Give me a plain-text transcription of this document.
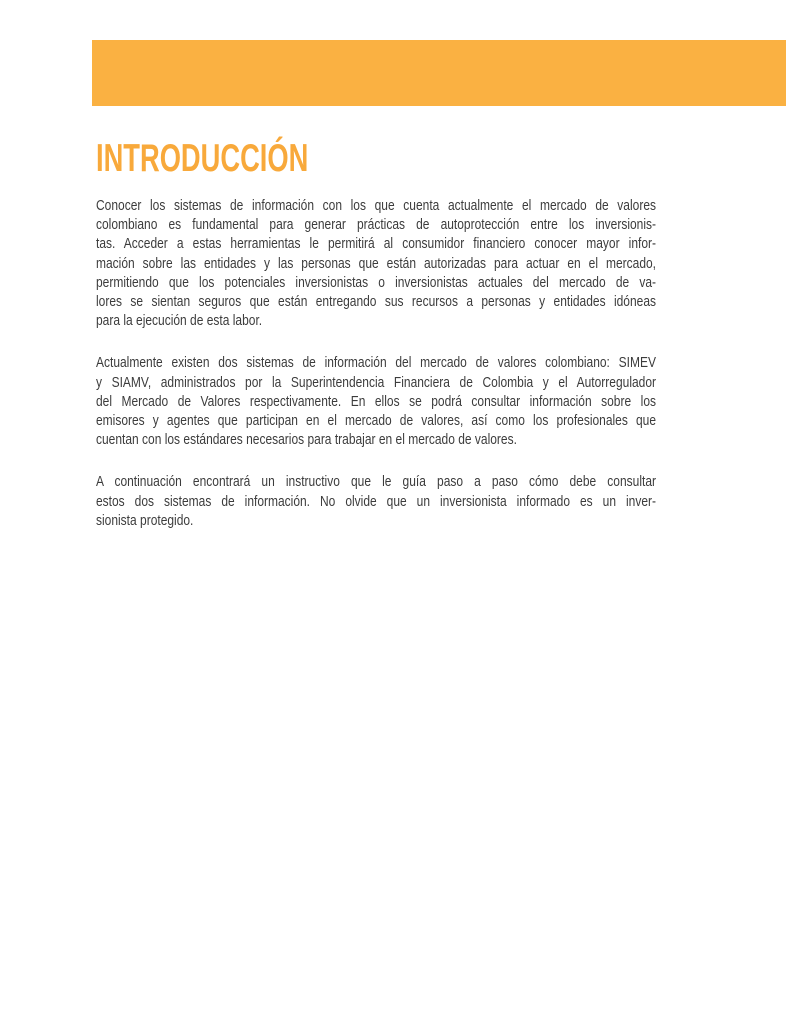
INTRODUCCIÓN
Conocer los sistemas de información con los que cuenta actualmente el mercado de valores
colombiano es fundamental para generar prácticas de autoprotección entre los inversionis-
tas. Acceder a estas herramientas le permitirá al consumidor financiero conocer mayor infor-
mación sobre las entidades y las personas que están autorizadas para actuar en el mercado,
permitiendo que los potenciales inversionistas o inversionistas actuales del mercado de va-
lores se sientan seguros que están entregando sus recursos a personas y entidades idóneas
para la ejecución de esta labor.
Actualmente existen dos sistemas de información del mercado de valores colombiano: SIMEV
y SIAMV, administrados por la Superintendencia Financiera de Colombia y el Autorregulador
del Mercado de Valores respectivamente. En ellos se podrá consultar información sobre los
emisores y agentes que participan en el mercado de valores, así como los profesionales que
cuentan con los estándares necesarios para trabajar en el mercado de valores.
A continuación encontrará un instructivo que le guía paso a paso cómo debe consultar
estos dos sistemas de información. No olvide que un inversionista informado es un inver-
sionista protegido.
